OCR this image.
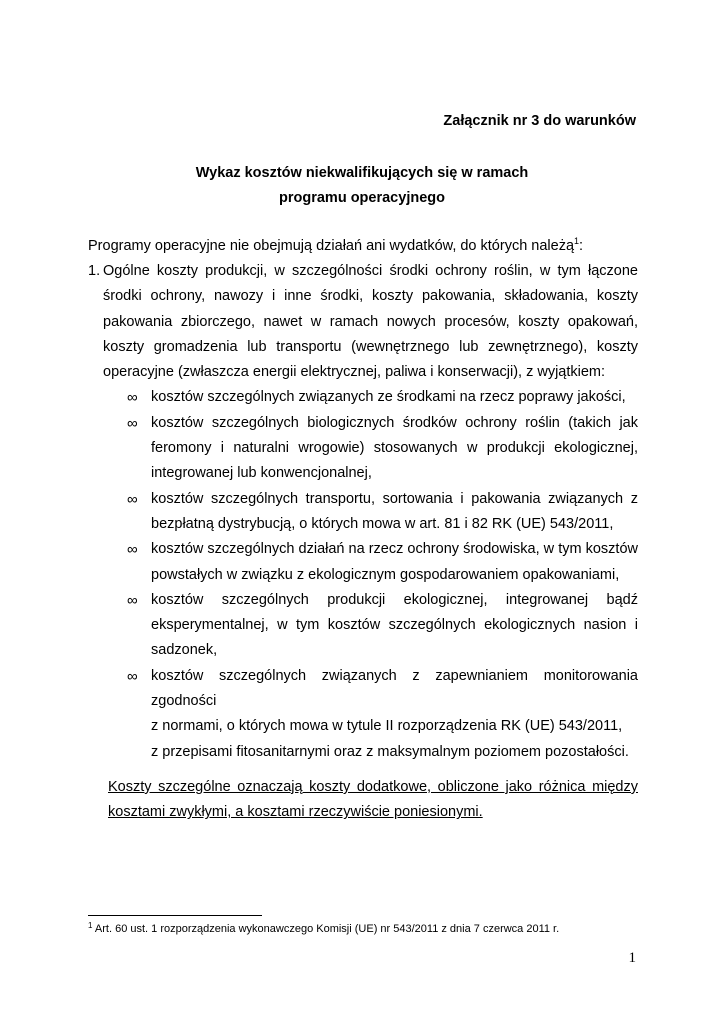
Załącznik nr 3 do warunków
Wykaz kosztów niekwalifikujących się w ramach
programu operacyjnego
Programy operacyjne nie obejmują działań ani wydatków, do których należą$^1$:
1. Ogólne koszty produkcji, w szczególności środki ochrony roślin, w tym łączone środki ochrony, nawozy i inne środki, koszty pakowania, składowania, koszty pakowania zbiorczego, nawet w ramach nowych procesów, koszty opakowań, koszty gromadzenia lub transportu (wewnętrznego lub zewnętrznego), koszty operacyjne (zwłaszcza energii elektrycznej, paliwa i konserwacji), z wyjątkiem:
∞ kosztów szczególnych związanych ze środkami na rzecz poprawy jakości,
∞ kosztów szczególnych biologicznych środków ochrony roślin (takich jak feromony i naturalni wrogowie) stosowanych w produkcji ekologicznej, integrowanej lub konwencjonalnej,
∞ kosztów szczególnych transportu, sortowania i pakowania związanych z bezpłatną dystrybucją, o których mowa w art. 81 i 82 RK (UE) 543/2011,
∞ kosztów szczególnych działań na rzecz ochrony środowiska, w tym kosztów powstałych w związku z ekologicznym gospodarowaniem opakowaniami,
∞ kosztów szczególnych produkcji ekologicznej, integrowanej bądź eksperymentalnej, w tym kosztów szczególnych ekologicznych nasion i sadzonek,
∞ kosztów szczególnych związanych z zapewnianiem monitorowania zgodności
z normami, o których mowa w tytule II rozporządzenia RK (UE) 543/2011,
z przepisami fitosanitarnymi oraz z maksymalnym poziomem pozostałości.
Koszty szczególne oznaczają koszty dodatkowe, obliczone jako różnica między
kosztami zwykłymi, a kosztami rzeczywiście poniesionymi.
$^1$ Art. 60 ust. 1 rozporządzenia wykonawczego Komisji (UE) nr 543/2011 z dnia 7 czerwca 2011 r.
1
